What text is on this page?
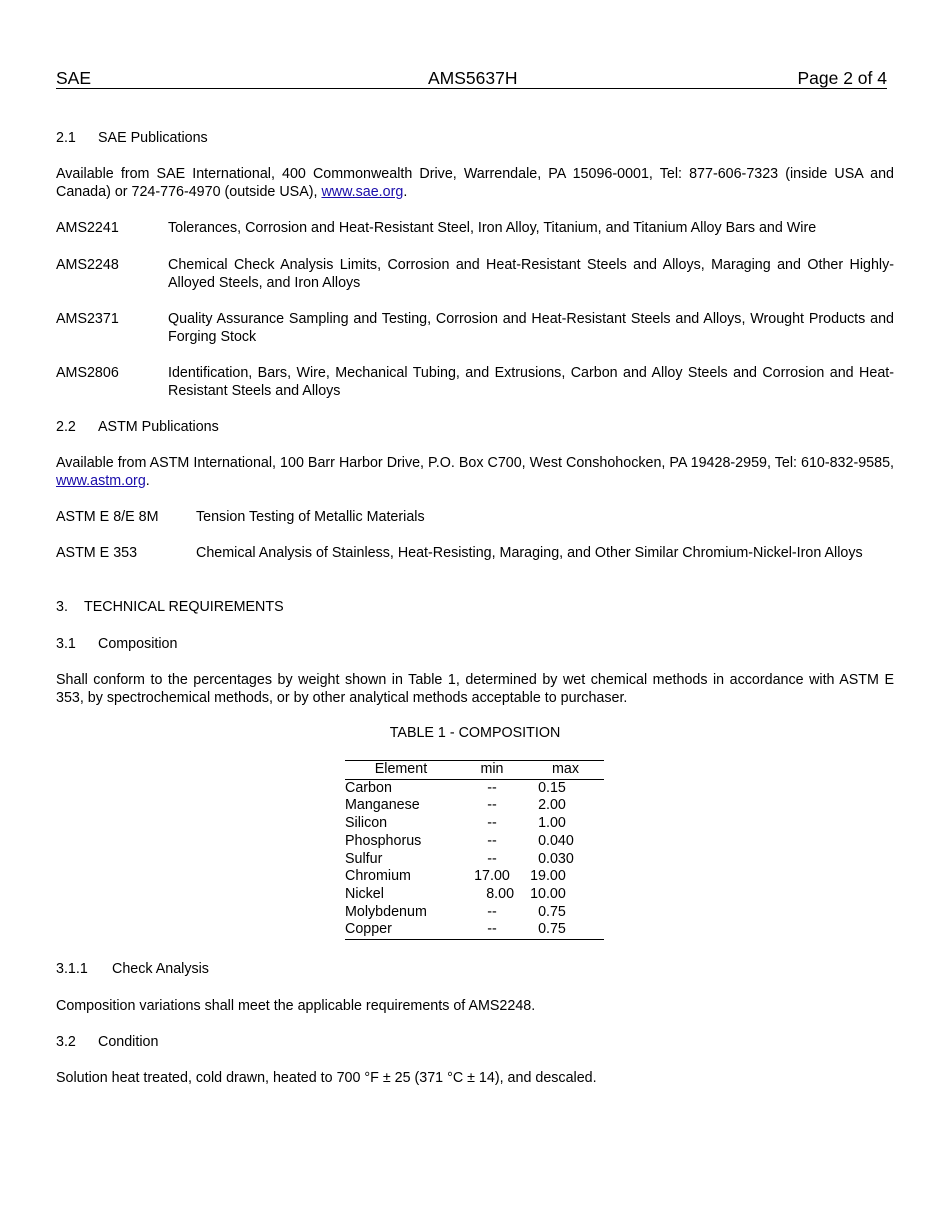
SAE	AMS5637H	Page 2 of 4
2.1 SAE Publications
Available from SAE International, 400 Commonwealth Drive, Warrendale, PA 15096-0001, Tel: 877-606-7323 (inside USA and Canada) or 724-776-4970 (outside USA), www.sae.org.
AMS2241	Tolerances, Corrosion and Heat-Resistant Steel, Iron Alloy, Titanium, and Titanium Alloy Bars and Wire
AMS2248	Chemical Check Analysis Limits, Corrosion and Heat-Resistant Steels and Alloys, Maraging and Other Highly-Alloyed Steels, and Iron Alloys
AMS2371	Quality Assurance Sampling and Testing, Corrosion and Heat-Resistant Steels and Alloys, Wrought Products and Forging Stock
AMS2806	Identification, Bars, Wire, Mechanical Tubing, and Extrusions, Carbon and Alloy Steels and Corrosion and Heat-Resistant Steels and Alloys
2.2 ASTM Publications
Available from ASTM International, 100 Barr Harbor Drive, P.O. Box C700, West Conshohocken, PA 19428-2959, Tel: 610-832-9585, www.astm.org.
ASTM E 8/E 8M	Tension Testing of Metallic Materials
ASTM E 353	Chemical Analysis of Stainless, Heat-Resisting, Maraging, and Other Similar Chromium-Nickel-Iron Alloys
3. TECHNICAL REQUIREMENTS
3.1 Composition
Shall conform to the percentages by weight shown in Table 1, determined by wet chemical methods in accordance with ASTM E 353, by spectrochemical methods, or by other analytical methods acceptable to purchaser.
TABLE 1 - COMPOSITION
Element	min	max
Carbon	--	0.15
Manganese	--	2.00
Silicon	--	1.00
Phosphorus	--	0.040
Sulfur	--	0.030
Chromium	17.00	19.00
Nickel	8.00	10.00
Molybdenum	--	0.75
Copper	--	0.75
3.1.1 Check Analysis
Composition variations shall meet the applicable requirements of AMS2248.
3.2 Condition
Solution heat treated, cold drawn, heated to 700 °F ± 25 (371 °C ± 14), and descaled.
